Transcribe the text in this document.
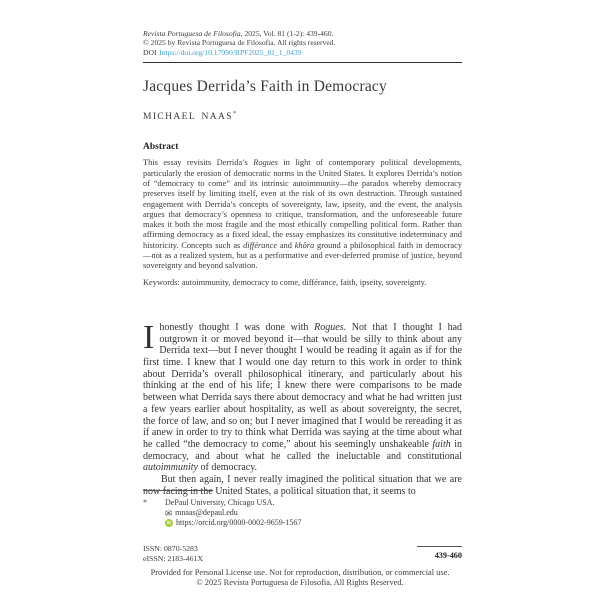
Revista Portuguesa de Filosofia, 2025, Vol. 81 (1-2): 439-460.
© 2025 by Revista Portuguesa de Filosofia. All rights reserved.
DOI https://doi.org/10.17990/RPF2025_81_1_0439
Jacques Derrida’s Faith in Democracy
MICHAEL NAAS*
Abstract

This essay revisits Derrida’s Rogues in light of contemporary political developments, particularly the erosion of democratic norms in the United States. It explores Derrida’s notion of “democracy to come” and its intrinsic autoimmunity—the paradox whereby democracy preserves itself by limiting itself, even at the risk of its own destruction. Through sustained engagement with Derrida’s concepts of sovereignty, law, ipseity, and the event, the analysis argues that democracy’s openness to critique, transformation, and the unforeseeable future makes it both the most fragile and the most ethically compelling political form. Rather than affirming democracy as a fixed ideal, the essay emphasizes its constitutive indeterminacy and historicity. Concepts such as différance and khôra ground a philosophical faith in democracy—not as a realized system, but as a performative and ever-deferred promise of justice, beyond sovereignty and beyond salvation.

Keywords: autoimmunity, democracy to come, différance, faith, ipseity, sovereignty.

Ihonestly thought I was done with Rogues. Not that I thought I had outgrown it or moved beyond it—that would be silly to think about any Derrida text—but I never thought I would be reading it again as if for the first time. I knew that I would one day return to this work in order to think about Derrida’s overall philosophical itinerary, and particularly about his thinking at the end of his life; I knew there were comparisons to be made between what Derrida says there about democracy and what he had written just a few years earlier about hospitality, as well as about sovereignty, the secret, the force of law, and so on; but I never imagined that I would be rereading it as if anew in order to try to think what Derrida was saying at the time about what he called “the democracy to come,” about his seemingly unshakeable faith in democracy, and about what he called the ineluctable and constitutional autoimmunity of democracy.

But then again, I never really imagined the political situation that we are now facing in the United States, a political situation that, it seems to

*	DePaul University, Chicago USA.
✉ mnaas@depaul.edu
iD https://orcid.org/0000-0002-9659-1567
ISSN: 0870-5283
eISSN: 2183-461X	439-460
Provided for Personal License use. Not for reproduction, distribution, or commercial use.
© 2025 Revista Portuguesa de Filosofia. All Rights Reserved.
